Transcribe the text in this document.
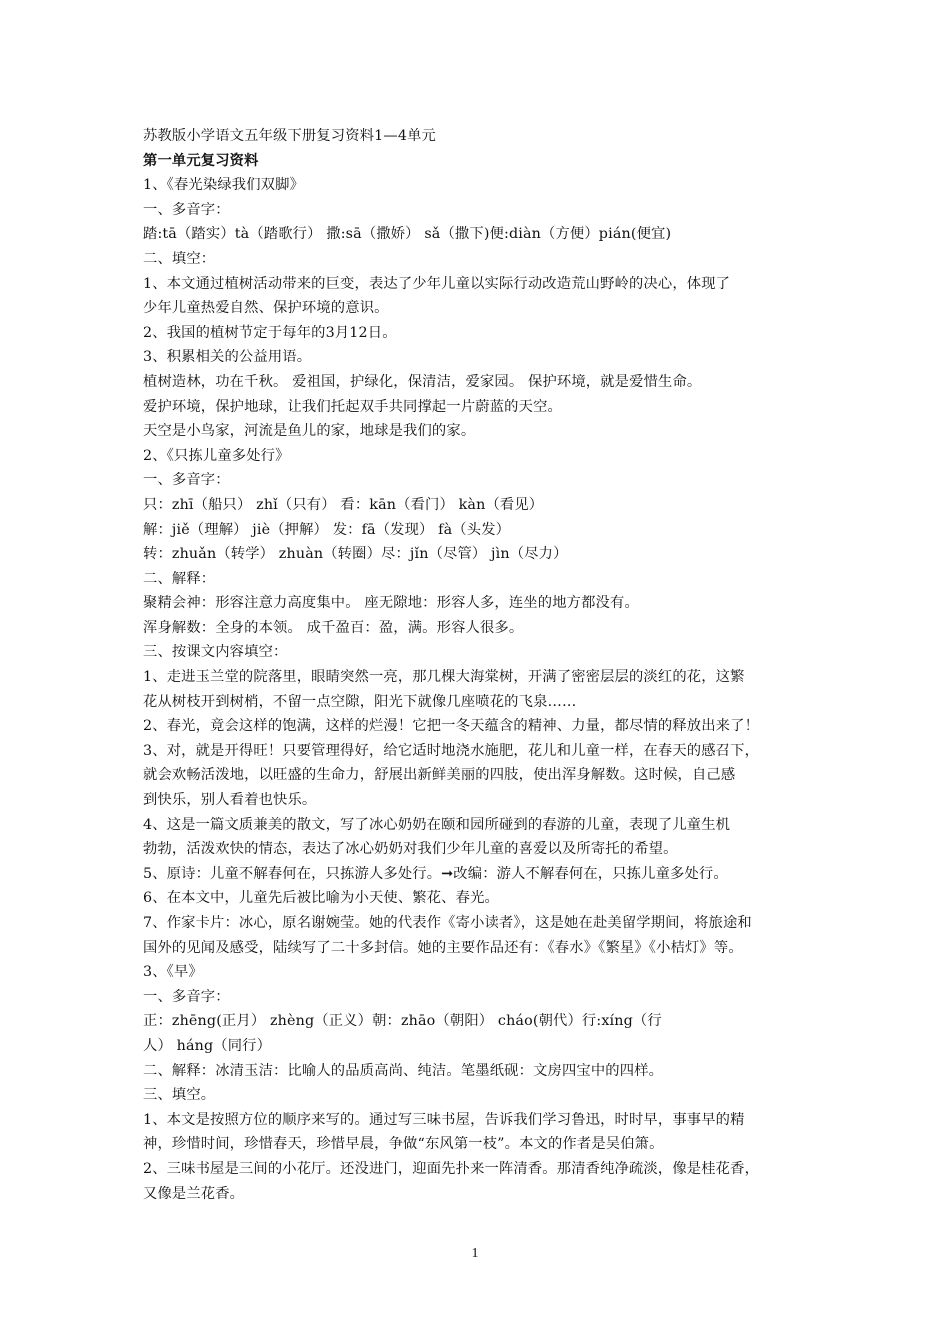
苏教版小学语文五年级下册复习资料1—4单元

第一单元复习资料

1、《春光染绿我们双脚》

一、多音字：

踏:tā（踏实）tà（踏歌行） 撒:sā（撒娇） sǎ（撒下)便:diàn（方便）pián(便宜)

二、填空：

1、本文通过植树活动带来的巨变，表达了少年儿童以实际行动改造荒山野岭的决心，体现了

少年儿童热爱自然、保护环境的意识。

2、我国的植树节定于每年的3月12日。

3、积累相关的公益用语。

植树造林，功在千秋。 爱祖国，护绿化，保清洁，爱家园。 保护环境，就是爱惜生命。

爱护环境，保护地球，让我们托起双手共同撑起一片蔚蓝的天空。

天空是小鸟家，河流是鱼儿的家，地球是我们的家。

2、《只拣儿童多处行》

一、多音字：

只：zhī（船只） zhǐ（只有） 看：kān（看门） kàn（看见）

解：jiě（理解） jiè（押解） 发：fā（发现） fà（头发）

转：zhuǎn（转学） zhuàn（转圈）尽：jǐn（尽管） jìn（尽力）

二、解释：

聚精会神：形容注意力高度集中。 座无隙地：形容人多，连坐的地方都没有。

浑身解数：全身的本领。 成千盈百：盈，满。形容人很多。

三、按课文内容填空：

1、走进玉兰堂的院落里，眼睛突然一亮，那几棵大海棠树，开满了密密层层的淡红的花，这繁

花从树枝开到树梢，不留一点空隙，阳光下就像几座喷花的飞泉……

2、春光，竟会这样的饱满，这样的烂漫！它把一冬天蕴含的精神、力量，都尽情的释放出来了！

3、对，就是开得旺！只要管理得好，给它适时地浇水施肥，花儿和儿童一样，在春天的感召下，

就会欢畅活泼地，以旺盛的生命力，舒展出新鲜美丽的四肢，使出浑身解数。这时候，自己感

到快乐，别人看着也快乐。

4、这是一篇文质兼美的散文，写了冰心奶奶在颐和园所碰到的春游的儿童，表现了儿童生机

勃勃，活泼欢快的情态，表达了冰心奶奶对我们少年儿童的喜爱以及所寄托的希望。

5、原诗：儿童不解春何在，只拣游人多处行。➞改编：游人不解春何在，只拣儿童多处行。

6、在本文中，儿童先后被比喻为小天使、繁花、春光。

7、作家卡片：冰心，原名谢婉莹。她的代表作《寄小读者》，这是她在赴美留学期间，将旅途和

国外的见闻及感受，陆续写了二十多封信。她的主要作品还有：《春水》《繁星》《小桔灯》等。

3、《早》

一、多音字：

正：zhēng(正月） zhèng（正义）朝：zhāo（朝阳） cháo(朝代）行:xíng（行

人） háng（同行）

二、解释：冰清玉洁：比喻人的品质高尚、纯洁。笔墨纸砚：文房四宝中的四样。

三、填空。

1、本文是按照方位的顺序来写的。通过写三味书屋，告诉我们学习鲁迅，时时早，事事早的精

神，珍惜时间，珍惜春天，珍惜早晨，争做“东风第一枝”。本文的作者是吴伯箫。

2、三味书屋是三间的小花厅。还没进门，迎面先扑来一阵清香。那清香纯净疏淡，像是桂花香，

又像是兰花香。

1
